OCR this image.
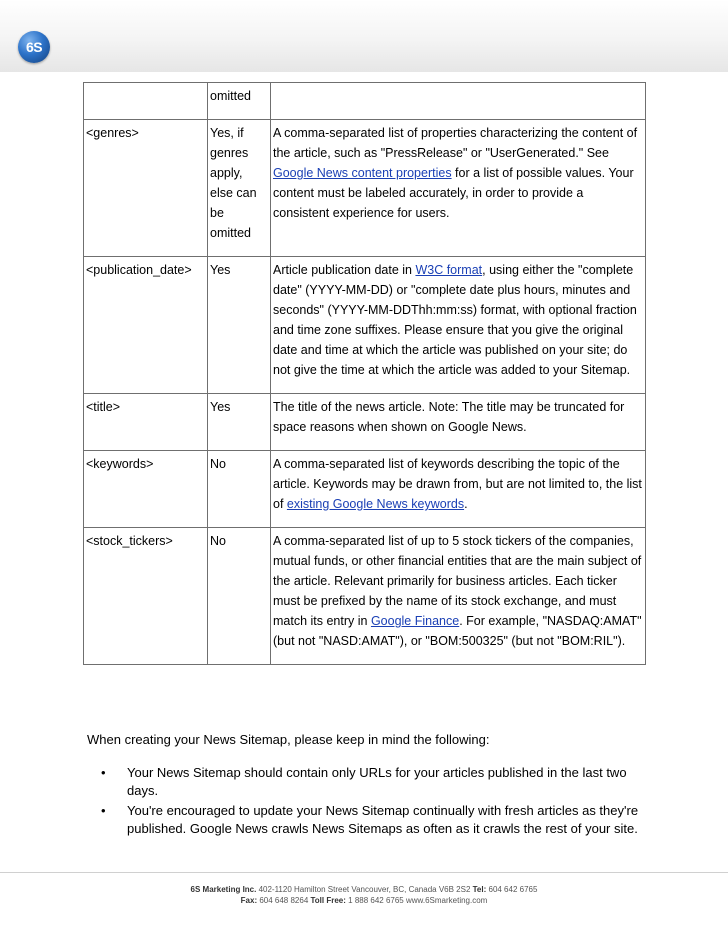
6S
	omitted	
<genres>	Yes, if genres apply, else can be omitted	A comma-separated list of properties characterizing the content of the article, such as "PressRelease" or "UserGenerated." See Google News content properties for a list of possible values. Your content must be labeled accurately, in order to provide a consistent experience for users.
<publication_date>	Yes	Article publication date in W3C format, using either the "complete date" (YYYY-MM-DD) or "complete date plus hours, minutes and seconds" (YYYY-MM-DDThh:mm:ss) format, with optional fraction and time zone suffixes. Please ensure that you give the original date and time at which the article was published on your site; do not give the time at which the article was added to your Sitemap.
<title>	Yes	The title of the news article. Note: The title may be truncated for space reasons when shown on Google News.
<keywords>	No	A comma-separated list of keywords describing the topic of the article. Keywords may be drawn from, but are not limited to, the list of existing Google News keywords.
<stock_tickers>	No	A comma-separated list of up to 5 stock tickers of the companies, mutual funds, or other financial entities that are the main subject of the article. Relevant primarily for business articles. Each ticker must be prefixed by the name of its stock exchange, and must match its entry in Google Finance. For example, "NASDAQ:AMAT" (but not "NASD:AMAT"), or "BOM:500325" (but not "BOM:RIL").

When creating your News Sitemap, please keep in mind the following:

• Your News Sitemap should contain only URLs for your articles published in the last two days.
• You're encouraged to update your News Sitemap continually with fresh articles as they're published. Google News crawls News Sitemaps as often as it crawls the rest of your site.
6S Marketing Inc. 402-1120 Hamilton Street Vancouver, BC, Canada V6B 2S2 Tel: 604 642 6765
Fax: 604 648 8264 Toll Free: 1 888 642 6765 www.6Smarketing.com
